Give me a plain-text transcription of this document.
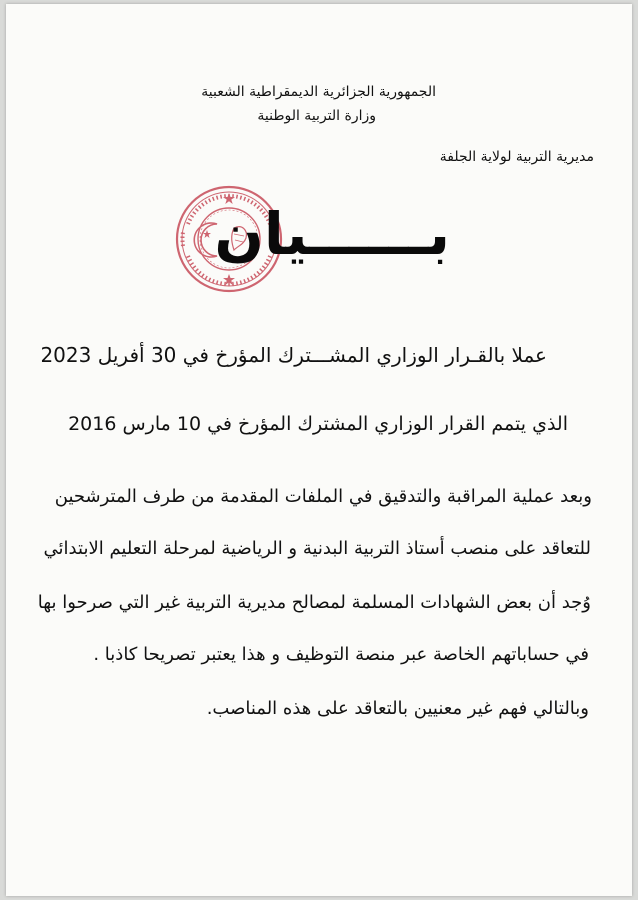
الجمهورية الجزائرية الديمقراطية الشعبية
وزارة التربية الوطنية
مديرية التربية لولاية الجلفة
بــــــيان
عملا بالقـرار الوزاري المشـــترك المؤرخ في 30 أفريل 2023
الذي يتمم القرار الوزاري المشترك المؤرخ في 10 مارس 2016
وبعد عملية المراقبة والتدقيق في الملفات المقدمة من طرف المترشحين
للتعاقد على منصب أستاذ التربية البدنية و الرياضية لمرحلة التعليم الابتدائي
وُجد أن بعض الشهادات المسلمة لمصالح مديرية التربية غير التي صرحوا بها
في حساباتهم الخاصة عبر منصة التوظيف و هذا يعتبر تصريحا كاذبا .
وبالتالي فهم غير معنيين بالتعاقد على هذه المناصب.
